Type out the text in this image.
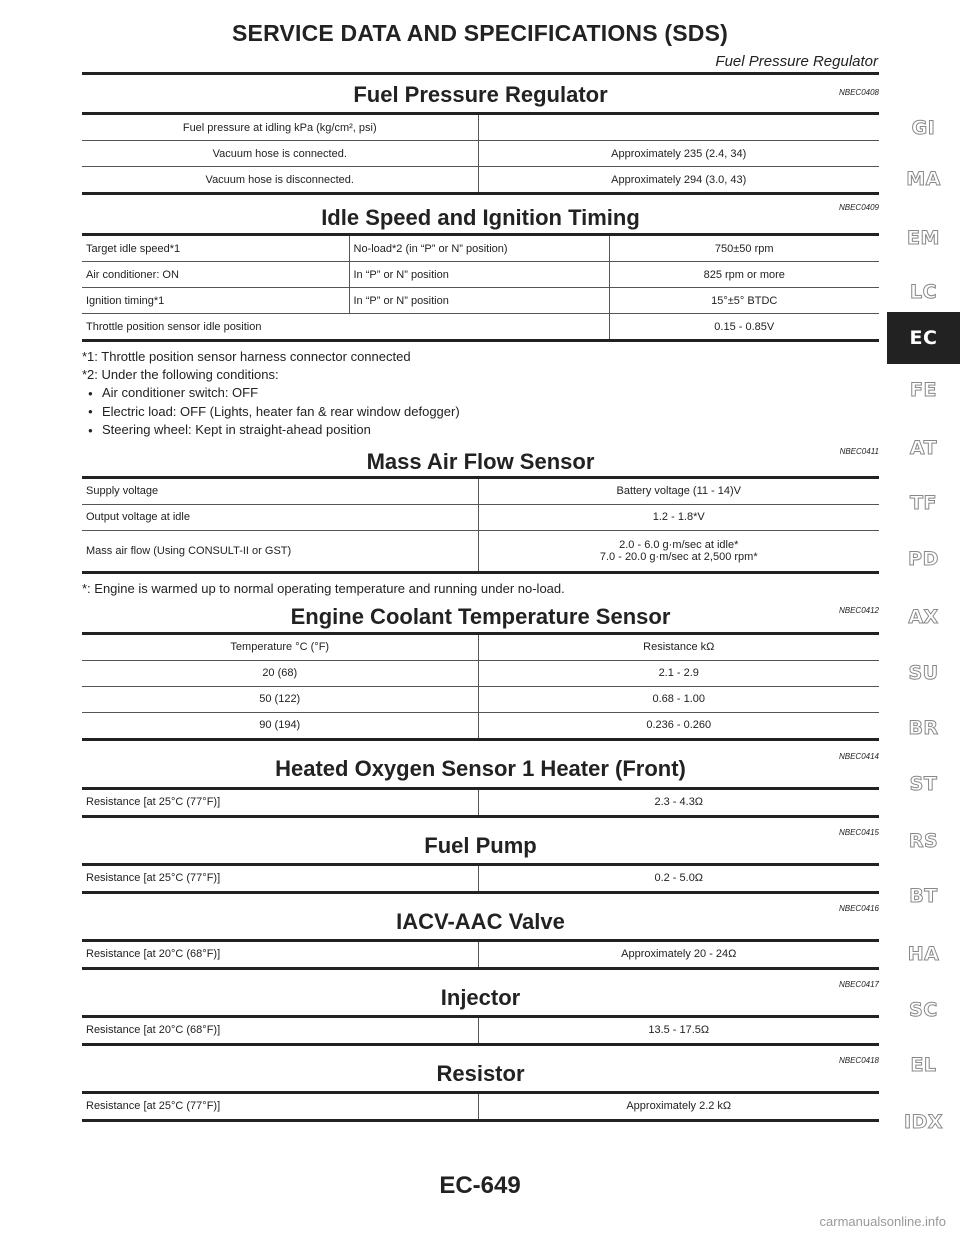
SERVICE DATA AND SPECIFICATIONS (SDS)
Fuel Pressure Regulator
Fuel Pressure Regulator	NBEC0408
Fuel pressure at idling kPa (kg/cm², psi)	
Vacuum hose is connected.	Approximately 235 (2.4, 34)
Vacuum hose is disconnected.	Approximately 294 (3.0, 43)
Idle Speed and Ignition Timing	NBEC0409
Target idle speed*1	No-load*2 (in “P” or N” position)	750±50 rpm
Air conditioner: ON	In “P” or N” position	825 rpm or more
Ignition timing*1	In “P” or N” position	15°±5° BTDC
Throttle position sensor idle position		0.15 - 0.85V
*1: Throttle position sensor harness connector connected
*2: Under the following conditions:
● Air conditioner switch: OFF
● Electric load: OFF (Lights, heater fan & rear window defogger)
● Steering wheel: Kept in straight-ahead position
Mass Air Flow Sensor	NBEC0411
Supply voltage	Battery voltage (11 - 14)V
Output voltage at idle	1.2 - 1.8*V
Mass air flow (Using CONSULT-II or GST)	2.0 - 6.0 g·m/sec at idle*
7.0 - 20.0 g·m/sec at 2,500 rpm*
*: Engine is warmed up to normal operating temperature and running under no-load.
Engine Coolant Temperature Sensor	NBEC0412
Temperature °C (°F)	Resistance kΩ
20 (68)	2.1 - 2.9
50 (122)	0.68 - 1.00
90 (194)	0.236 - 0.260
Heated Oxygen Sensor 1 Heater (Front)	NBEC0414
Resistance [at 25°C (77°F)]	2.3 - 4.3Ω
Fuel Pump
NBEC0415
Resistance [at 25°C (77°F)]	0.2 - 5.0Ω
IACV-AAC Valve
NBEC0416
Resistance [at 20°C (68°F)]	Approximately 20 - 24Ω
Injector
NBEC0417
Resistance [at 20°C (68°F)]	13.5 - 17.5Ω
Resistor
NBEC0418
Resistance [at 25°C (77°F)]	Approximately 2.2 kΩ
GI
MA
EM
LC
EC
FE
AT
TF
PD
AX
SU
BR
ST
RS
BT
HA
SC
EL
IDX
EC-649
carmanualsonline.info
